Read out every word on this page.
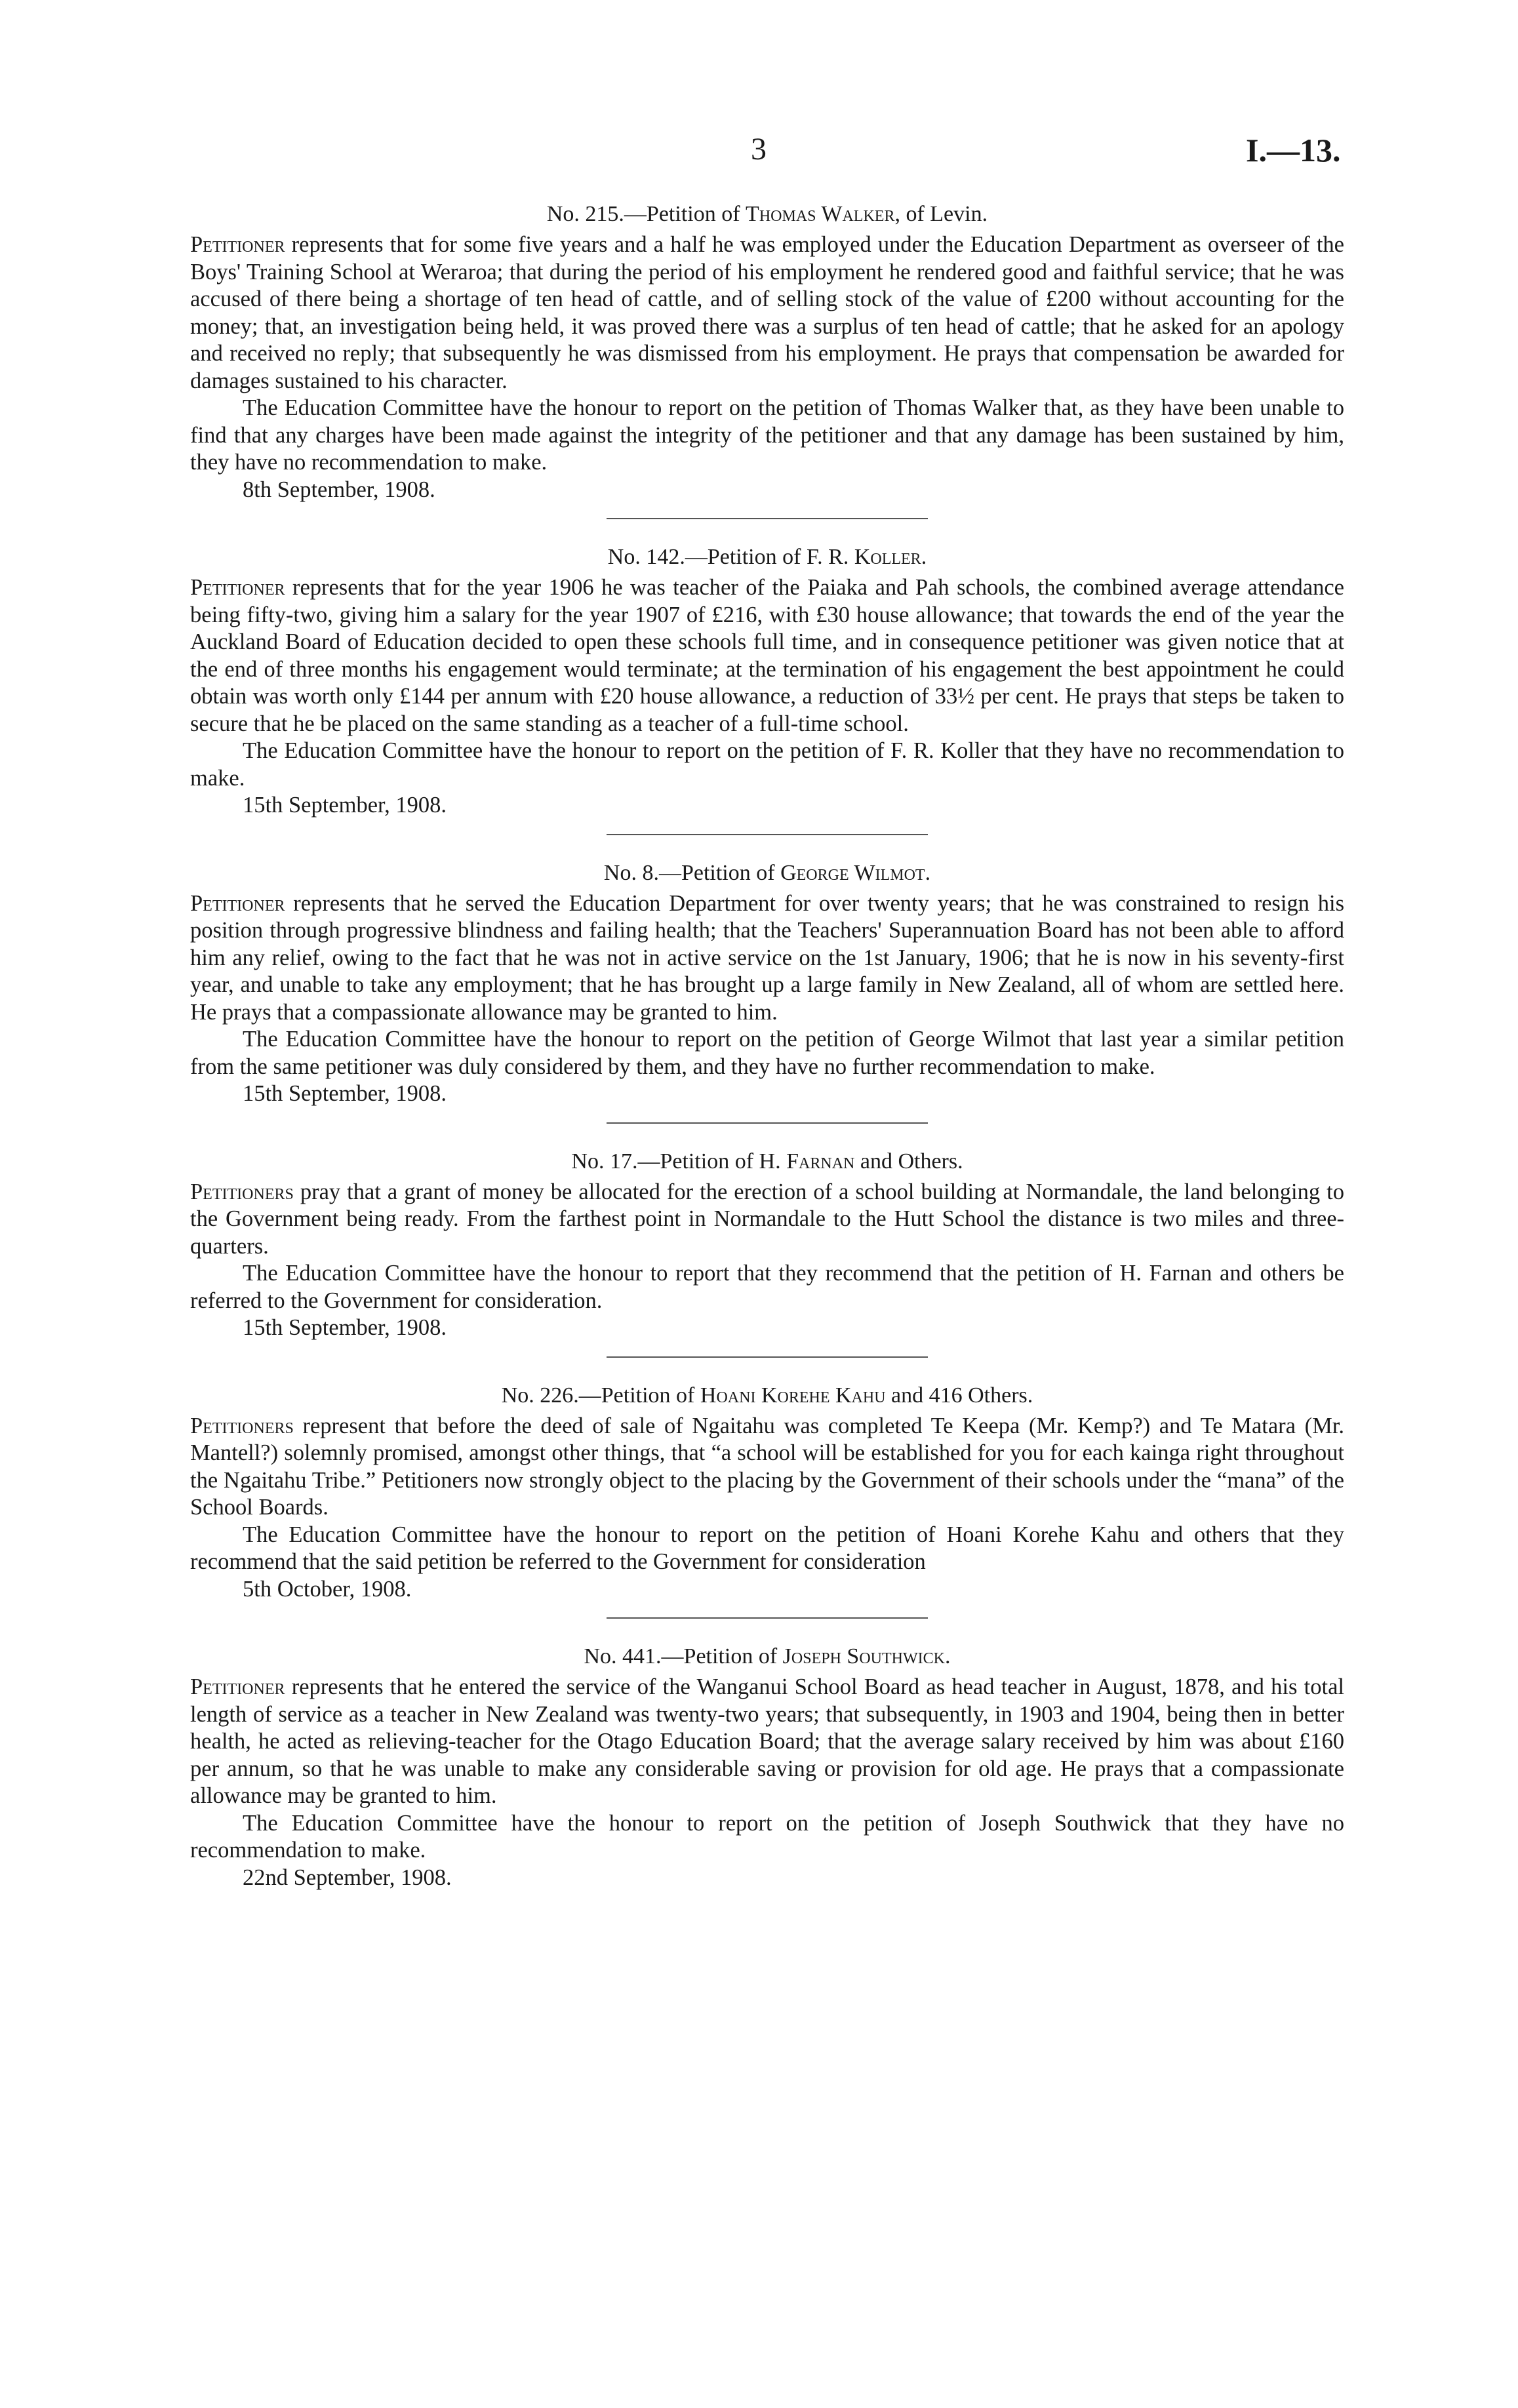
3	I.—13.

No. 215.—Petition of Thomas Walker, of Levin.

Petitioner represents that for some five years and a half he was employed under the Education Department as overseer of the Boys' Training School at Weraroa; that during the period of his employment he rendered good and faithful service; that he was accused of there being a shortage of ten head of cattle, and of selling stock of the value of £200 without accounting for the money; that, an investigation being held, it was proved there was a surplus of ten head of cattle; that he asked for an apology and received no reply; that subsequently he was dismissed from his employment. He prays that compensation be awarded for damages sustained to his character.

The Education Committee have the honour to report on the petition of Thomas Walker that, as they have been unable to find that any charges have been made against the integrity of the petitioner and that any damage has been sustained by him, they have no recommendation to make.

8th September, 1908.

No. 142.—Petition of F. R. Koller.

Petitioner represents that for the year 1906 he was teacher of the Paiaka and Pah schools, the combined average attendance being fifty-two, giving him a salary for the year 1907 of £216, with £30 house allowance; that towards the end of the year the Auckland Board of Education decided to open these schools full time, and in consequence petitioner was given notice that at the end of three months his engagement would terminate; at the termination of his engagement the best appointment he could obtain was worth only £144 per annum with £20 house allowance, a reduction of 33½ per cent. He prays that steps be taken to secure that he be placed on the same standing as a teacher of a full-time school.

The Education Committee have the honour to report on the petition of F. R. Koller that they have no recommendation to make.

15th September, 1908.

No. 8.—Petition of George Wilmot.

Petitioner represents that he served the Education Department for over twenty years; that he was constrained to resign his position through progressive blindness and failing health; that the Teachers' Superannuation Board has not been able to afford him any relief, owing to the fact that he was not in active service on the 1st January, 1906; that he is now in his seventy-first year, and unable to take any employment; that he has brought up a large family in New Zealand, all of whom are settled here. He prays that a compassionate allowance may be granted to him.

The Education Committee have the honour to report on the petition of George Wilmot that last year a similar petition from the same petitioner was duly considered by them, and they have no further recommendation to make.

15th September, 1908.

No. 17.—Petition of H. Farnan and Others.

Petitioners pray that a grant of money be allocated for the erection of a school building at Normandale, the land belonging to the Government being ready. From the farthest point in Normandale to the Hutt School the distance is two miles and three-quarters.

The Education Committee have the honour to report that they recommend that the petition of H. Farnan and others be referred to the Government for consideration.

15th September, 1908.

No. 226.—Petition of Hoani Korehe Kahu and 416 Others.

Petitioners represent that before the deed of sale of Ngaitahu was completed Te Keepa (Mr. Kemp?) and Te Matara (Mr. Mantell?) solemnly promised, amongst other things, that “a school will be established for you for each kainga right throughout the Ngaitahu Tribe.” Petitioners now strongly object to the placing by the Government of their schools under the “mana” of the School Boards.

The Education Committee have the honour to report on the petition of Hoani Korehe Kahu and others that they recommend that the said petition be referred to the Government for consideration

5th October, 1908.

No. 441.—Petition of Joseph Southwick.

Petitioner represents that he entered the service of the Wanganui School Board as head teacher in August, 1878, and his total length of service as a teacher in New Zealand was twenty-two years; that subsequently, in 1903 and 1904, being then in better health, he acted as relieving-teacher for the Otago Education Board; that the average salary received by him was about £160 per annum, so that he was unable to make any considerable saving or provision for old age. He prays that a compassionate allowance may be granted to him.

The Education Committee have the honour to report on the petition of Joseph Southwick that they have no recommendation to make.

22nd September, 1908.
